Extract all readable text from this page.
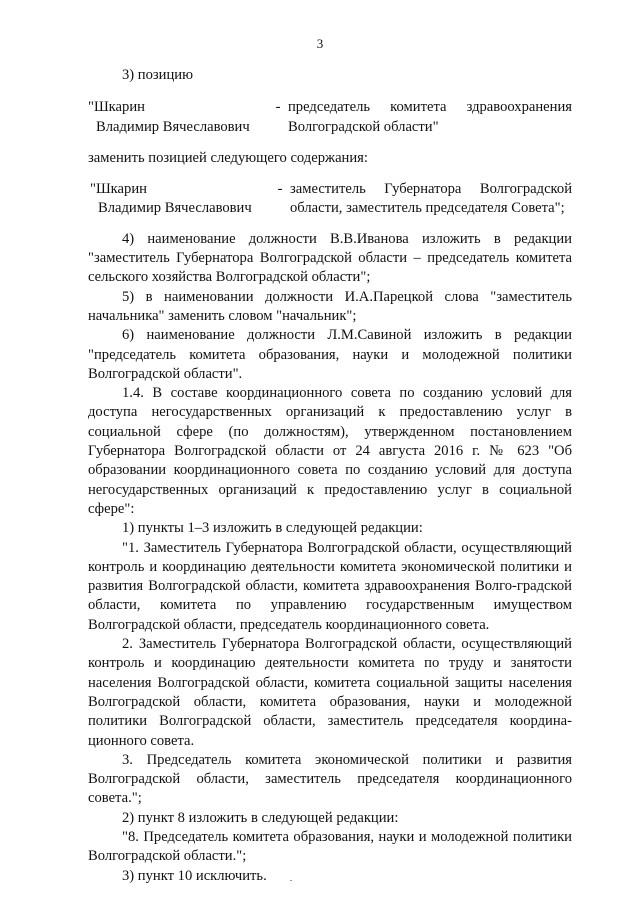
3

3) позицию

"Шкарин
Владимир Вячеславович
- председатель комитета здравоохранения
Волгоградской области"

заменить позицией следующего содержания:

"Шкарин
Владимир Вячеславович
- заместитель Губернатора Волгоградской
области, заместитель председателя Совета";

4) наименование должности В.В.Иванова изложить в редакции "заместитель Губернатора Волгоградской области – председатель комитета сельского хозяйства Волгоградской области";

5) в наименовании должности И.А.Парецкой слова "заместитель начальника" заменить словом "начальник";

6) наименование должности Л.М.Савиной изложить в редакции "председатель комитета образования, науки и молодежной политики Волгоградской области".

1.4. В составе координационного совета по созданию условий для доступа негосударственных организаций к предоставлению услуг в социальной сфере (по должностям), утвержденном постановлением Губернатора Волгоградской области от 24 августа 2016 г. № 623 "Об образовании координационного совета по созданию условий для доступа негосударственных организаций к предоставлению услуг в социальной сфере":

1) пункты 1–3 изложить в следующей редакции:

"1. Заместитель Губернатора Волгоградской области, осуществляющий контроль и координацию деятельности комитета экономической политики и развития Волгоградской области, комитета здравоохранения Волго-градской области, комитета по управлению государственным имуществом Волгоградской области, председатель координационного совета.

2. Заместитель Губернатора Волгоградской области, осуществляющий контроль и координацию деятельности комитета по труду и занятости населения Волгоградской области, комитета социальной защиты населения Волгоградской области, комитета образования, науки и молодежной политики Волгоградской области, заместитель председателя координа-ционного совета.

3. Председатель комитета экономической политики и развития Волгоградской области, заместитель председателя координационного совета.";

2) пункт 8 изложить в следующей редакции:

"8. Председатель комитета образования, науки и молодежной политики Волгоградской области.";

3) пункт 10 исключить.
